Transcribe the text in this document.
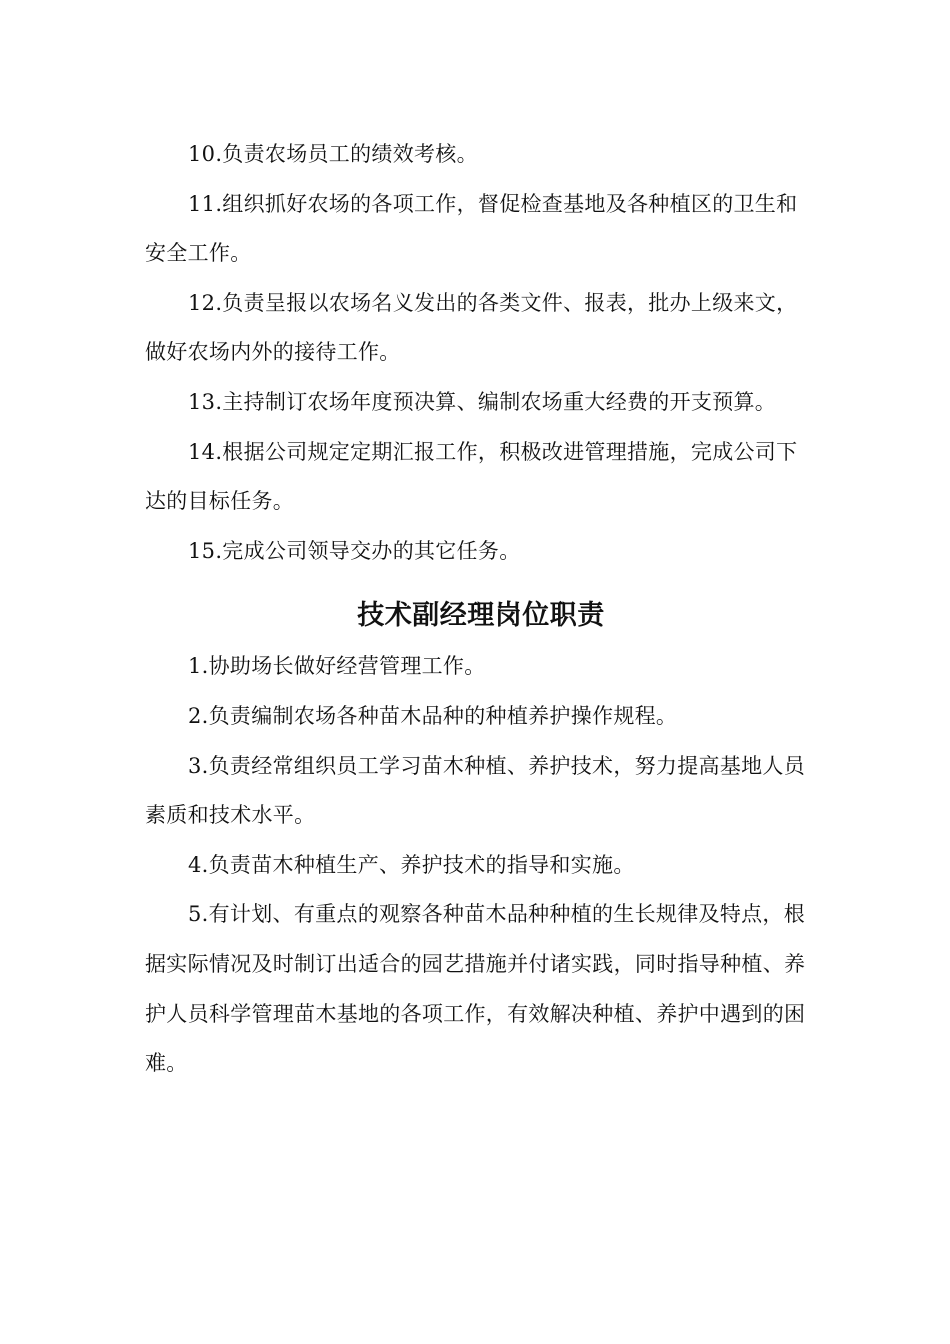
10.负责农场员工的绩效考核。

11.组织抓好农场的各项工作，督促检查基地及各种植区的卫生和安全工作。

12.负责呈报以农场名义发出的各类文件、报表，批办上级来文，做好农场内外的接待工作。

13.主持制订农场年度预决算、编制农场重大经费的开支预算。

14.根据公司规定定期汇报工作，积极改进管理措施，完成公司下达的目标任务。

15.完成公司领导交办的其它任务。

技术副经理岗位职责

1.协助场长做好经营管理工作。

2.负责编制农场各种苗木品种的种植养护操作规程。

3.负责经常组织员工学习苗木种植、养护技术，努力提高基地人员素质和技术水平。

4.负责苗木种植生产、养护技术的指导和实施。

5.有计划、有重点的观察各种苗木品种种植的生长规律及特点，根据实际情况及时制订出适合的园艺措施并付诸实践，同时指导种植、养护人员科学管理苗木基地的各项工作，有效解决种植、养护中遇到的困难。
